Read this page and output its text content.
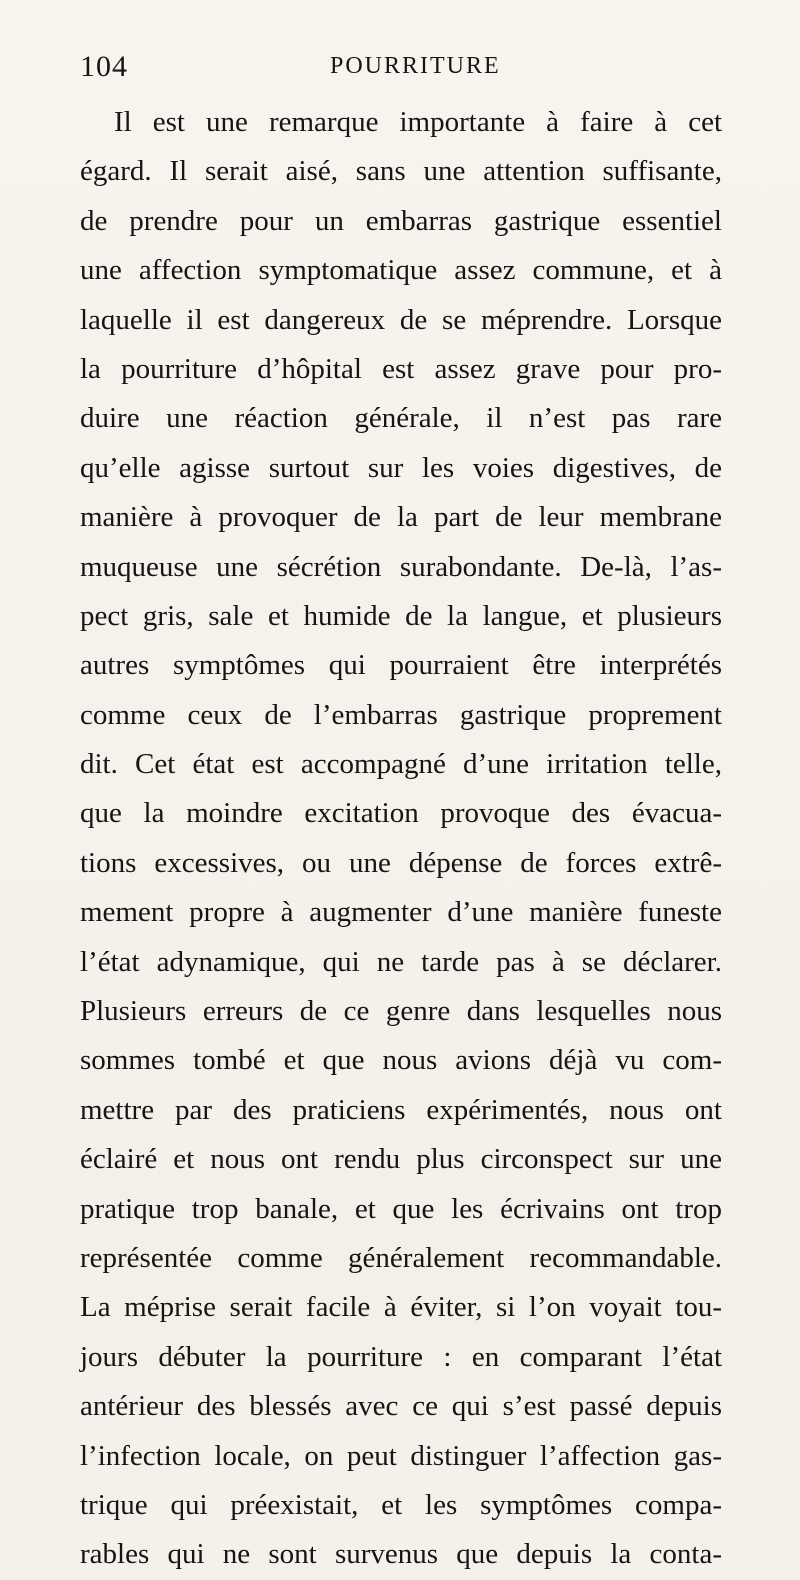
104	POURRITURE
Il est une remarque importante à faire à cet
égard. Il serait aisé, sans une attention suffisante,
de prendre pour un embarras gastrique essentiel
une affection symptomatique assez commune, et à
laquelle il est dangereux de se méprendre. Lorsque
la pourriture d’hôpital est assez grave pour pro-
duire une réaction générale, il n’est pas rare
qu’elle agisse surtout sur les voies digestives, de
manière à provoquer de la part de leur membrane
muqueuse une sécrétion surabondante. De-là, l’as-
pect gris, sale et humide de la langue, et plusieurs
autres symptômes qui pourraient être interprétés
comme ceux de l’embarras gastrique proprement
dit. Cet état est accompagné d’une irritation telle,
que la moindre excitation provoque des évacua-
tions excessives, ou une dépense de forces extrê-
mement propre à augmenter d’une manière funeste
l’état adynamique, qui ne tarde pas à se déclarer.
Plusieurs erreurs de ce genre dans lesquelles nous
sommes tombé et que nous avions déjà vu com-
mettre par des praticiens expérimentés, nous ont
éclairé et nous ont rendu plus circonspect sur une
pratique trop banale, et que les écrivains ont trop
représentée comme généralement recommandable.
La méprise serait facile à éviter, si l’on voyait tou-
jours débuter la pourriture : en comparant l’état
antérieur des blessés avec ce qui s’est passé depuis
l’infection locale, on peut distinguer l’affection gas-
trique qui préexistait, et les symptômes compa-
rables qui ne sont survenus que depuis la conta-
